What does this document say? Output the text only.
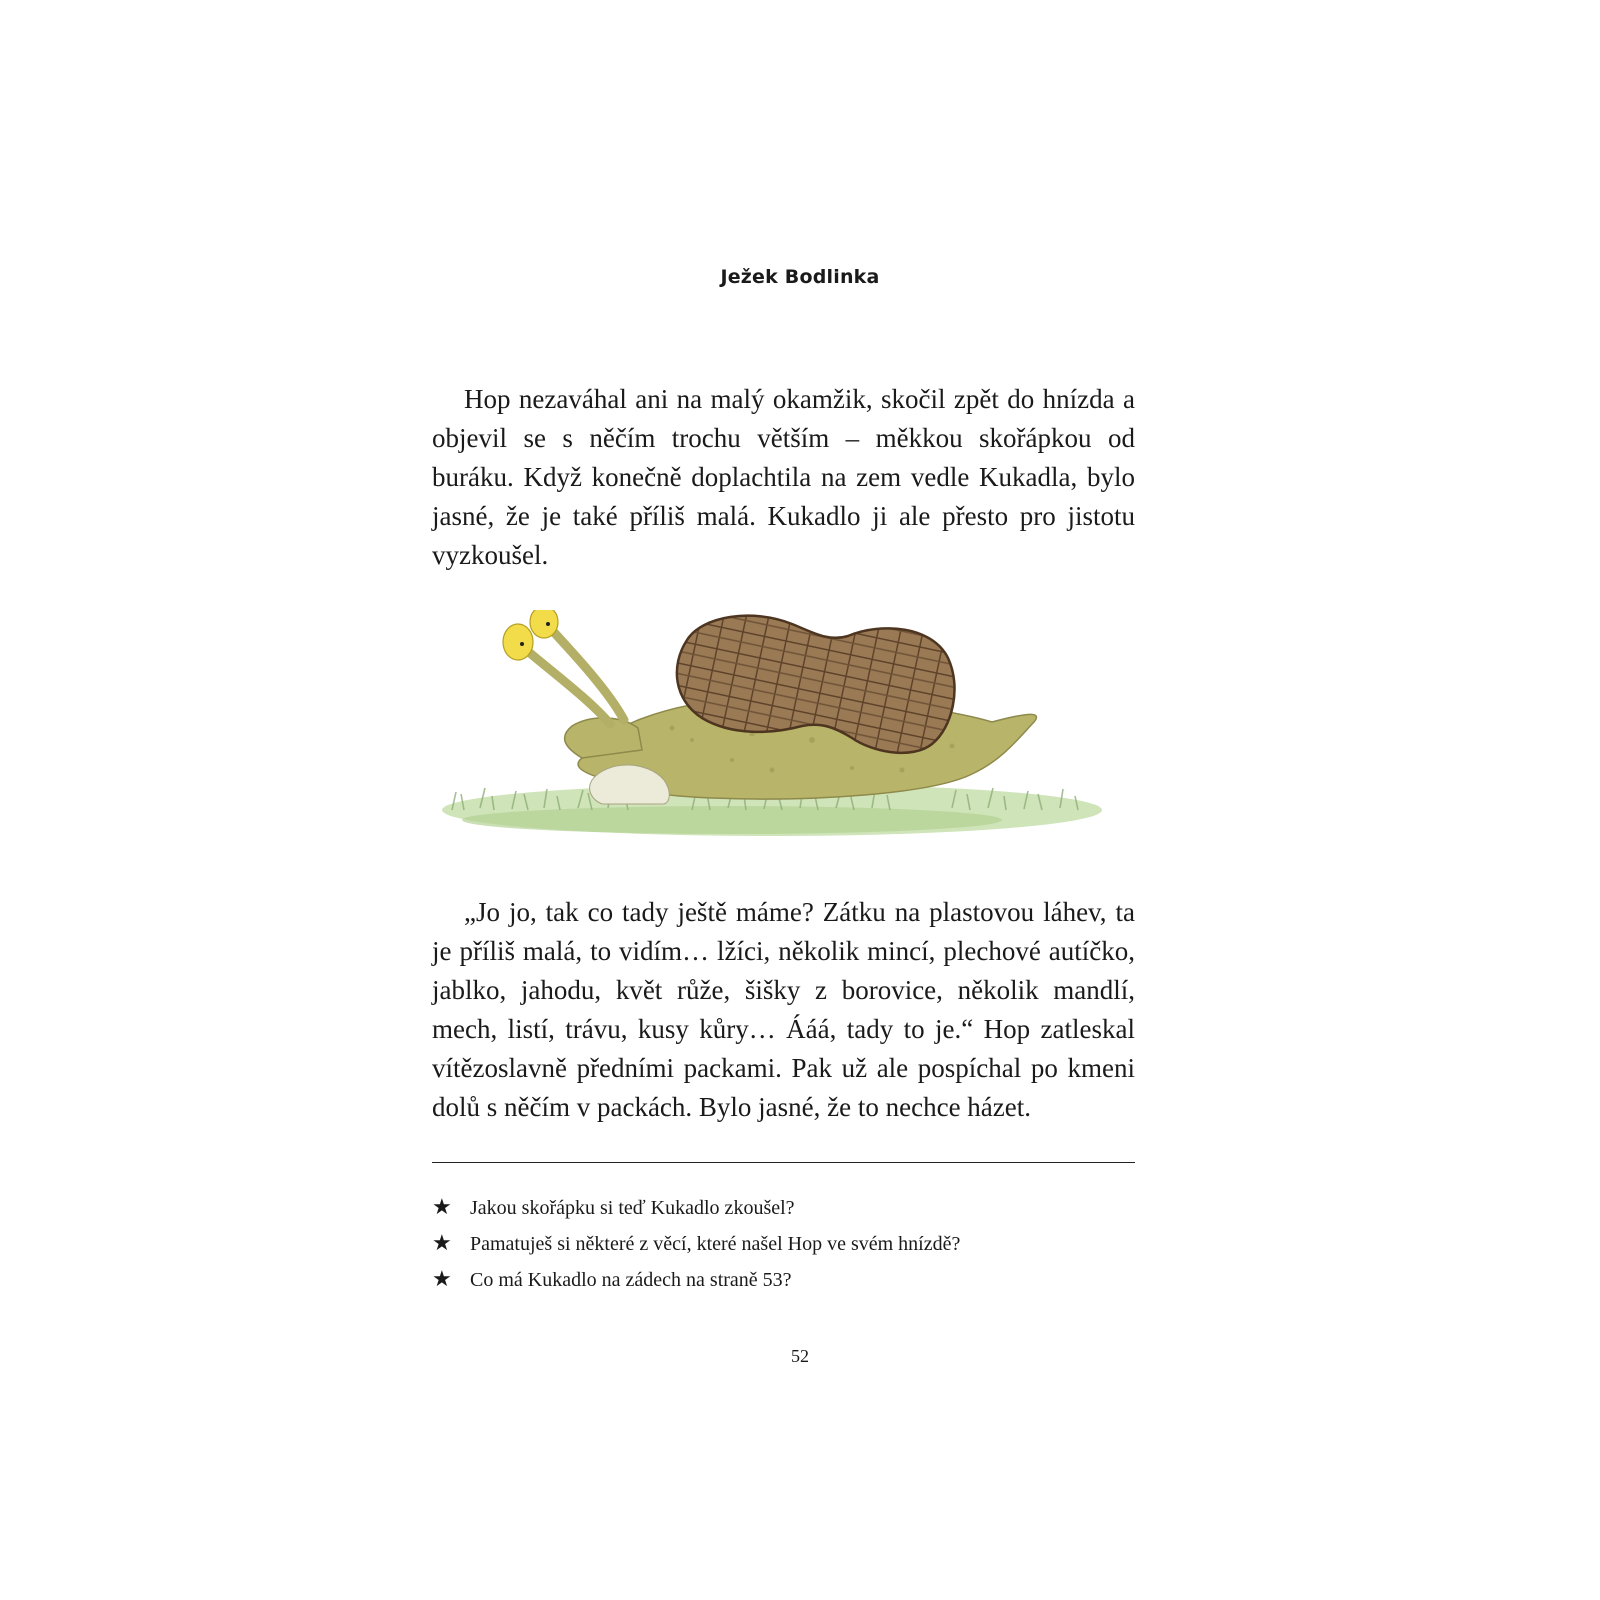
Ježek Bodlinka

Hop nezaváhal ani na malý okamžik, skočil zpět do hnízda a objevil se s něčím trochu větším – měkkou skořápkou od buráku. Když konečně doplachtila na zem vedle Kukadla, bylo jasné, že je také příliš malá. Kukadlo ji ale přesto pro jistotu vyzkoušel.

„Jo jo, tak co tady ještě máme? Zátku na plastovou láhev, ta je příliš malá, to vidím… lžíci, několik mincí, plechové autíčko, jablko, jahodu, květ růže, šišky z borovice, několik mandlí, mech, listí, trávu, kusy kůry… Ááá, tady to je.“ Hop zatleskal vítězoslavně předními packami. Pak už ale pospíchal po kmeni dolů s něčím v packách. Bylo jasné, že to nechce házet.

★ Jakou skořápku si teď Kukadlo zkoušel?
★ Pamatuješ si některé z věcí, které našel Hop ve svém hnízdě?
★ Co má Kukadlo na zádech na straně 53?
52
